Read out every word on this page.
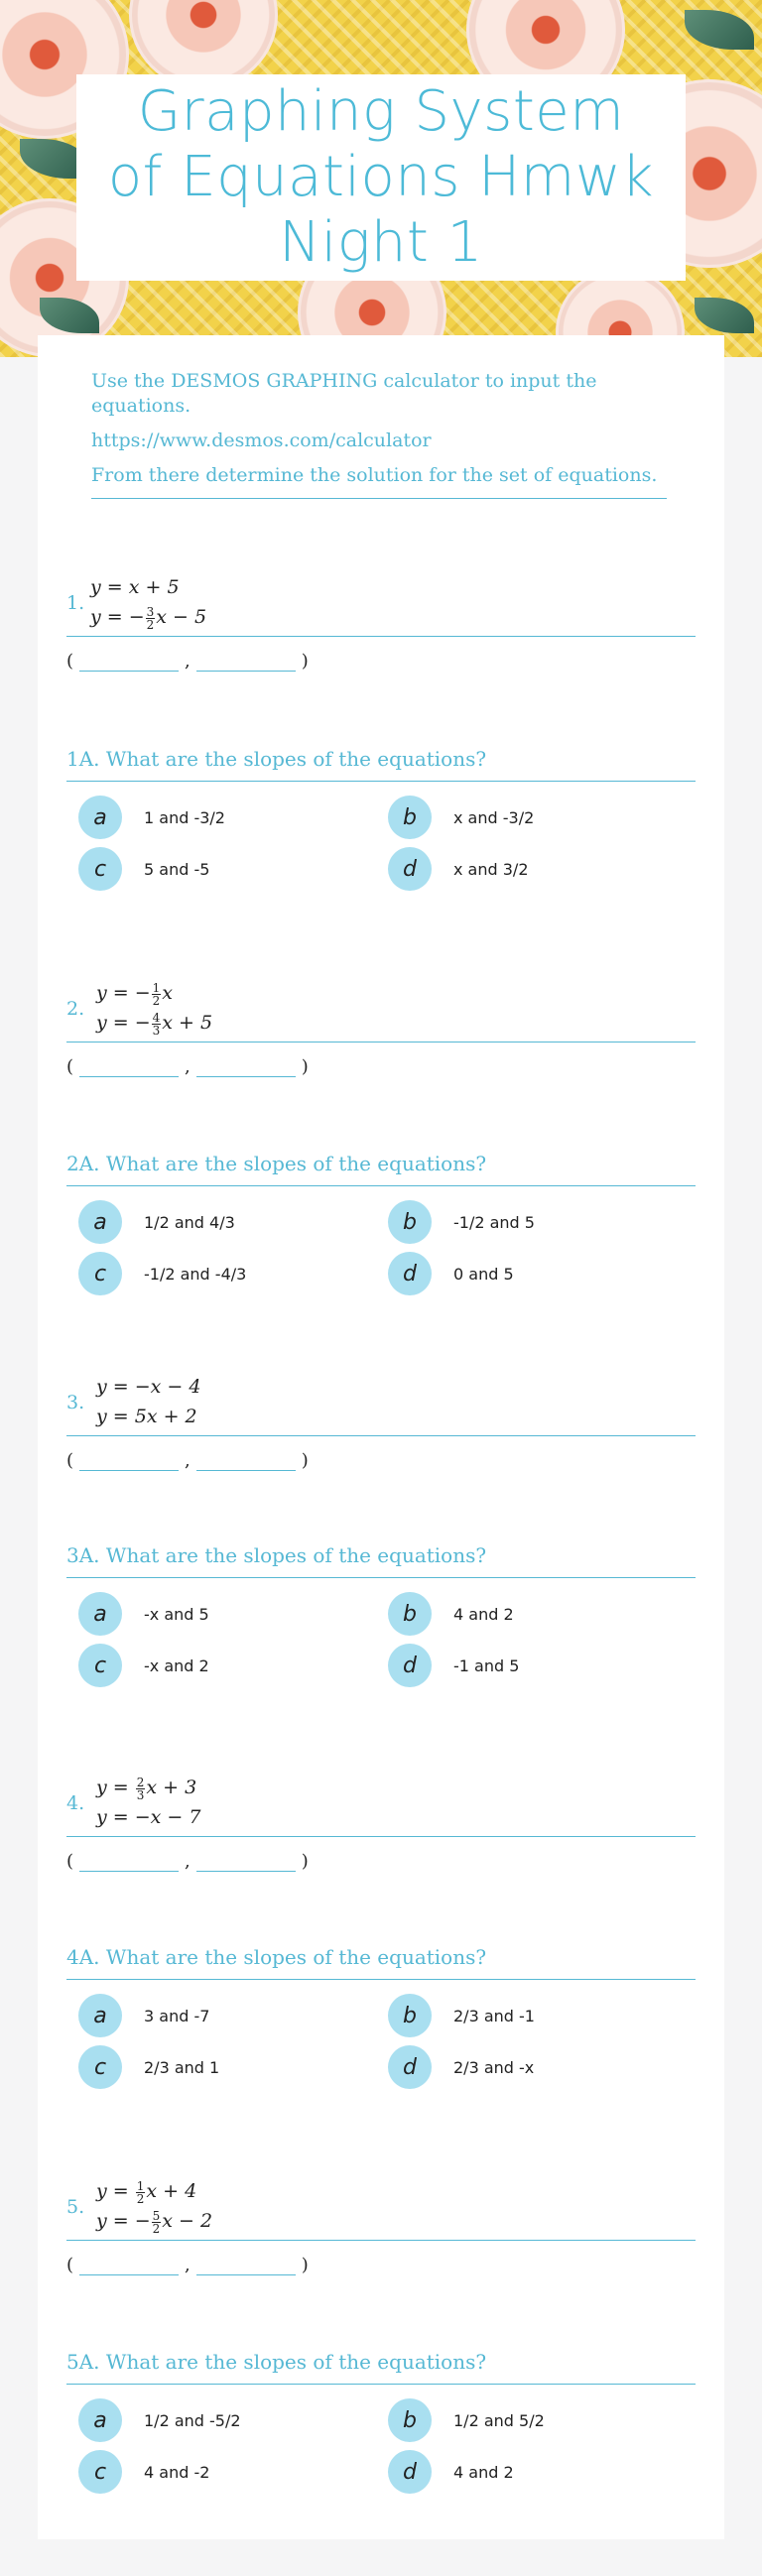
Graphing System of Equations Hmwk Night 1

Use the DESMOS GRAPHING calculator to input the equations.

https://www.desmos.com/calculator

From there determine the solution for the set of equations.

1.
y = x + 5
y = − $\frac{3}{2}$ x − 5
(	,	)
1A. What are the slopes of the equations?
a	1 and -3/2	b	x and -3/2
c	5 and -5	d	x and 3/2
2.
y = − $\frac{1}{2}$ x
y = − $\frac{4}{3}$ x + 5
(	,	)
2A. What are the slopes of the equations?
a	1/2 and 4/3	b	-1/2 and 5
c	-1/2 and -4/3	d	0 and 5
3.
y = −x − 4
y = 5x + 2
(	,	)
3A. What are the slopes of the equations?
a	-x and 5	b	4 and 2
c	-x and 2	d	-1 and 5
4.
$y = \frac{2}{3}$ x + 3
y = −x − 7
(	,	)
4A. What are the slopes of the equations?
a	3 and -7	b	2/3 and -1
c	2/3 and 1	d	2/3 and -x
5.
$y = \frac{1}{2}$ x + 4
y = − $\frac{5}{2}$ x − 2
(	,	)
5A. What are the slopes of the equations?
a	1/2 and -5/2	b	1/2 and 5/2
c	4 and -2	d	4 and 2
